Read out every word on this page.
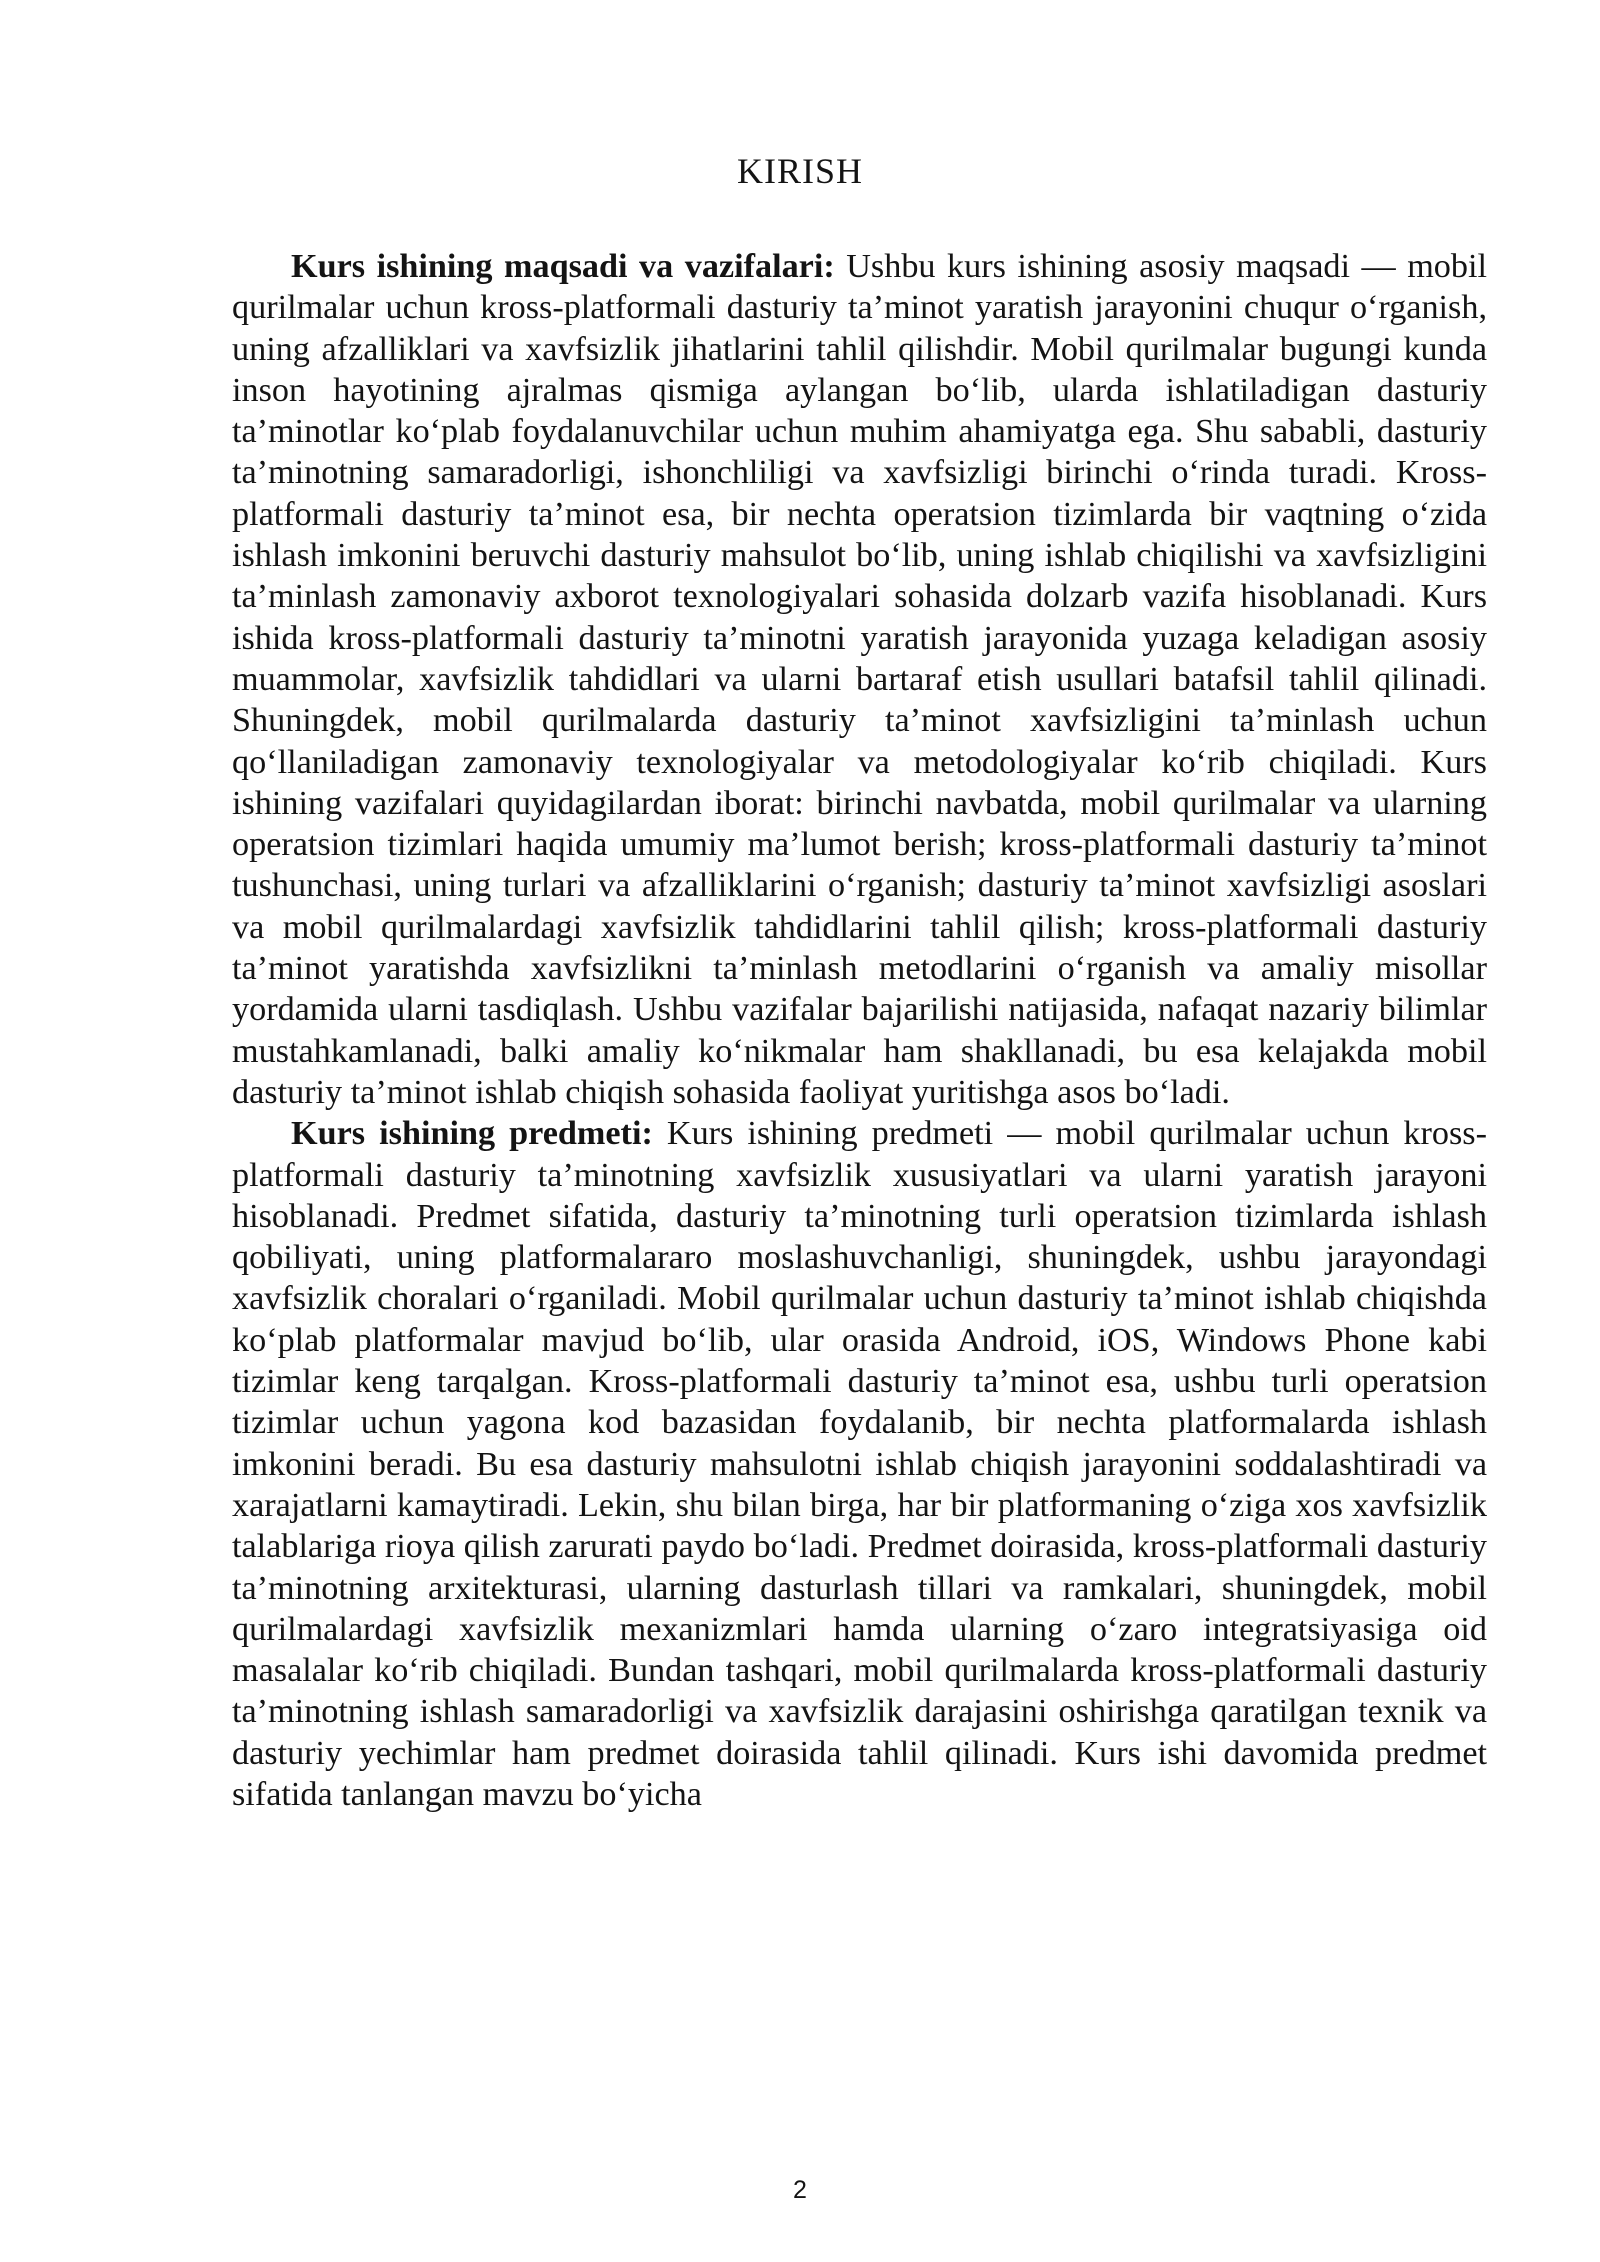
KIRISH

Kurs ishining maqsadi va vazifalari: Ushbu kurs ishining asosiy maqsadi — mobil qurilmalar uchun kross-platformali dasturiy ta’minot yaratish jarayonini chuqur o‘rganish, uning afzalliklari va xavfsizlik jihatlarini tahlil qilishdir. Mobil qurilmalar bugungi kunda inson hayotining ajralmas qismiga aylangan bo‘lib, ularda ishlatiladigan dasturiy ta’minotlar ko‘plab foydalanuvchilar uchun muhim ahamiyatga ega. Shu sababli, dasturiy ta’minotning samaradorligi, ishonchliligi va xavfsizligi birinchi o‘rinda turadi. Kross-platformali dasturiy ta’minot esa, bir nechta operatsion tizimlarda bir vaqtning o‘zida ishlash imkonini beruvchi dasturiy mahsulot bo‘lib, uning ishlab chiqilishi va xavfsizligini ta’minlash zamonaviy axborot texnologiyalari sohasida dolzarb vazifa hisoblanadi. Kurs ishida kross-platformali dasturiy ta’minotni yaratish jarayonida yuzaga keladigan asosiy muammolar, xavfsizlik tahdidlari va ularni bartaraf etish usullari batafsil tahlil qilinadi. Shuningdek, mobil qurilmalarda dasturiy ta’minot xavfsizligini ta’minlash uchun qo‘llaniladigan zamonaviy texnologiyalar va metodologiyalar ko‘rib chiqiladi. Kurs ishining vazifalari quyidagilardan iborat: birinchi navbatda, mobil qurilmalar va ularning operatsion tizimlari haqida umumiy ma’lumot berish; kross-platformali dasturiy ta’minot tushunchasi, uning turlari va afzalliklarini o‘rganish; dasturiy ta’minot xavfsizligi asoslari va mobil qurilmalardagi xavfsizlik tahdidlarini tahlil qilish; kross-platformali dasturiy ta’minot yaratishda xavfsizlikni ta’minlash metodlarini o‘rganish va amaliy misollar yordamida ularni tasdiqlash. Ushbu vazifalar bajarilishi natijasida, nafaqat nazariy bilimlar mustahkamlanadi, balki amaliy ko‘nikmalar ham shakllanadi, bu esa kelajakda mobil dasturiy ta’minot ishlab chiqish sohasida faoliyat yuritishga asos bo‘ladi.

Kurs ishining predmeti: Kurs ishining predmeti — mobil qurilmalar uchun kross-platformali dasturiy ta’minotning xavfsizlik xususiyatlari va ularni yaratish jarayoni hisoblanadi. Predmet sifatida, dasturiy ta’minotning turli operatsion tizimlarda ishlash qobiliyati, uning platformalararo moslashuvchanligi, shuningdek, ushbu jarayondagi xavfsizlik choralari o‘rganiladi. Mobil qurilmalar uchun dasturiy ta’minot ishlab chiqishda ko‘plab platformalar mavjud bo‘lib, ular orasida Android, iOS, Windows Phone kabi tizimlar keng tarqalgan. Kross-platformali dasturiy ta’minot esa, ushbu turli operatsion tizimlar uchun yagona kod bazasidan foydalanib, bir nechta platformalarda ishlash imkonini beradi. Bu esa dasturiy mahsulotni ishlab chiqish jarayonini soddalashtiradi va xarajatlarni kamaytiradi. Lekin, shu bilan birga, har bir platformaning o‘ziga xos xavfsizlik talablariga rioya qilish zarurati paydo bo‘ladi. Predmet doirasida, kross-platformali dasturiy ta’minotning arxitekturasi, ularning dasturlash tillari va ramkalari, shuningdek, mobil qurilmalardagi xavfsizlik mexanizmlari hamda ularning o‘zaro integratsiyasiga oid masalalar ko‘rib chiqiladi. Bundan tashqari, mobil qurilmalarda kross-platformali dasturiy ta’minotning ishlash samaradorligi va xavfsizlik darajasini oshirishga qaratilgan texnik va dasturiy yechimlar ham predmet doirasida tahlil qilinadi. Kurs ishi davomida predmet sifatida tanlangan mavzu bo‘yicha

2
